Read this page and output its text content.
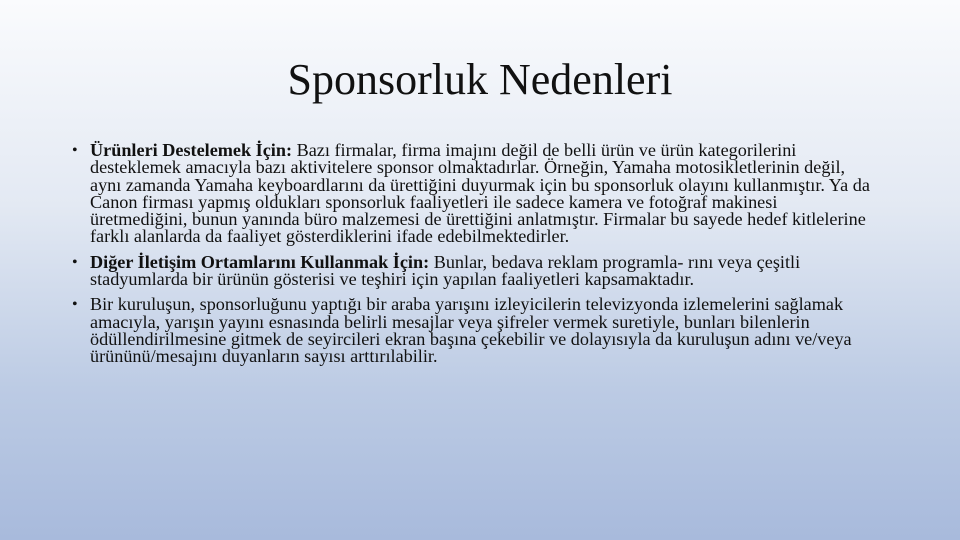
Sponsorluk Nedenleri
• Ürünleri Destelemek İçin: Bazı firmalar, firma imajını değil de belli ürün ve ürün kategorilerini desteklemek amacıyla bazı aktivitelere sponsor olmaktadırlar. Örneğin, Yamaha motosikletlerinin değil, aynı zamanda Yamaha keyboardlarını da ürettiğini duyurmak için bu sponsorluk olayını kullanmıştır. Ya da Canon firması yapmış oldukları sponsorluk faaliyetleri ile sadece kamera ve fotoğraf makinesi üretmediğini, bunun yanında büro malzemesi de ürettiğini anlatmıştır. Firmalar bu sayede hedef kitlelerine farklı alanlarda da faaliyet gösterdiklerini ifade edebilmektedirler.
• Diğer İletişim Ortamlarını Kullanmak İçin: Bunlar, bedava reklam programla- rını veya çeşitli stadyumlarda bir ürünün gösterisi ve teşhiri için yapılan faaliyetleri kapsamaktadır.
• Bir kuruluşun, sponsorluğunu yaptığı bir araba yarışını izleyicilerin televizyonda izlemelerini sağlamak amacıyla, yarışın yayını esnasında belirli mesajlar veya şifreler vermek suretiyle, bunları bilenlerin ödüllendirilmesine gitmek de seyircileri ekran başına çekebilir ve dolayısıyla da kuruluşun adını ve/veya ürününü/mesajını duyanların sayısı arttırılabilir.
